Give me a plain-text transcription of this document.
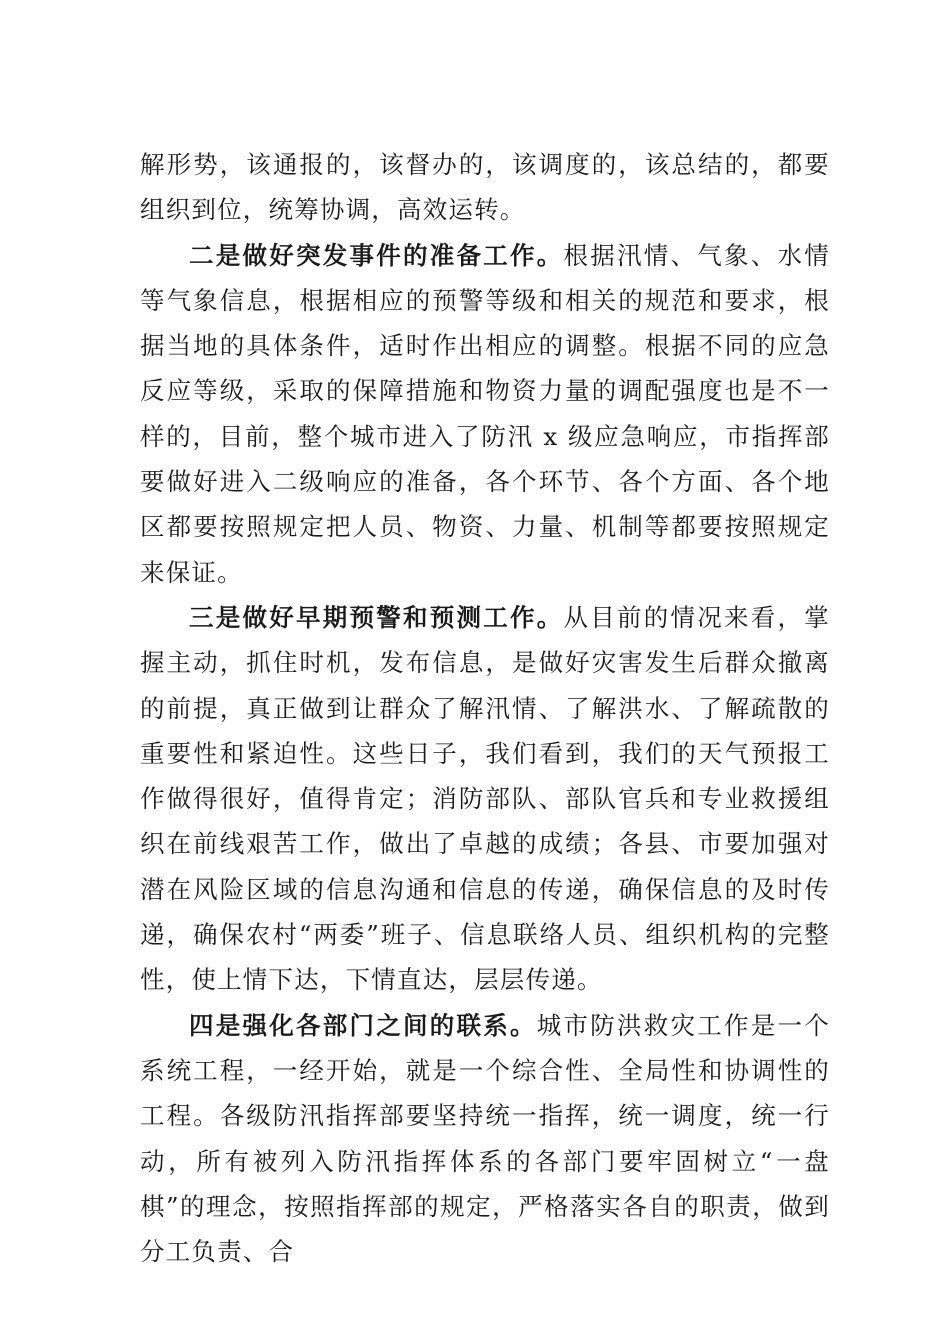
解形势，该通报的，该督办的，该调度的，该总结的，都要组织到位，统筹协调，高效运转。

二是做好突发事件的准备工作。根据汛情、气象、水情等气象信息，根据相应的预警等级和相关的规范和要求，根据当地的具体条件，适时作出相应的调整。根据不同的应急反应等级，采取的保障措施和物资力量的调配强度也是不一样的，目前，整个城市进入了防汛 x 级应急响应，市指挥部要做好进入二级响应的准备，各个环节、各个方面、各个地区都要按照规定把人员、物资、力量、机制等都要按照规定来保证。

三是做好早期预警和预测工作。从目前的情况来看，掌握主动，抓住时机，发布信息，是做好灾害发生后群众撤离的前提，真正做到让群众了解汛情、了解洪水、了解疏散的重要性和紧迫性。这些日子，我们看到，我们的天气预报工作做得很好，值得肯定；消防部队、部队官兵和专业救援组织在前线艰苦工作，做出了卓越的成绩；各县、市要加强对潜在风险区域的信息沟通和信息的传递，确保信息的及时传递，确保农村“两委”班子、信息联络人员、组织机构的完整性，使上情下达，下情直达，层层传递。

四是强化各部门之间的联系。城市防洪救灾工作是一个系统工程，一经开始，就是一个综合性、全局性和协调性的工程。各级防汛指挥部要坚持统一指挥，统一调度，统一行动，所有被列入防汛指挥体系的各部门要牢固树立“一盘棋”的理念，按照指挥部的规定，严格落实各自的职责，做到分工负责、合
